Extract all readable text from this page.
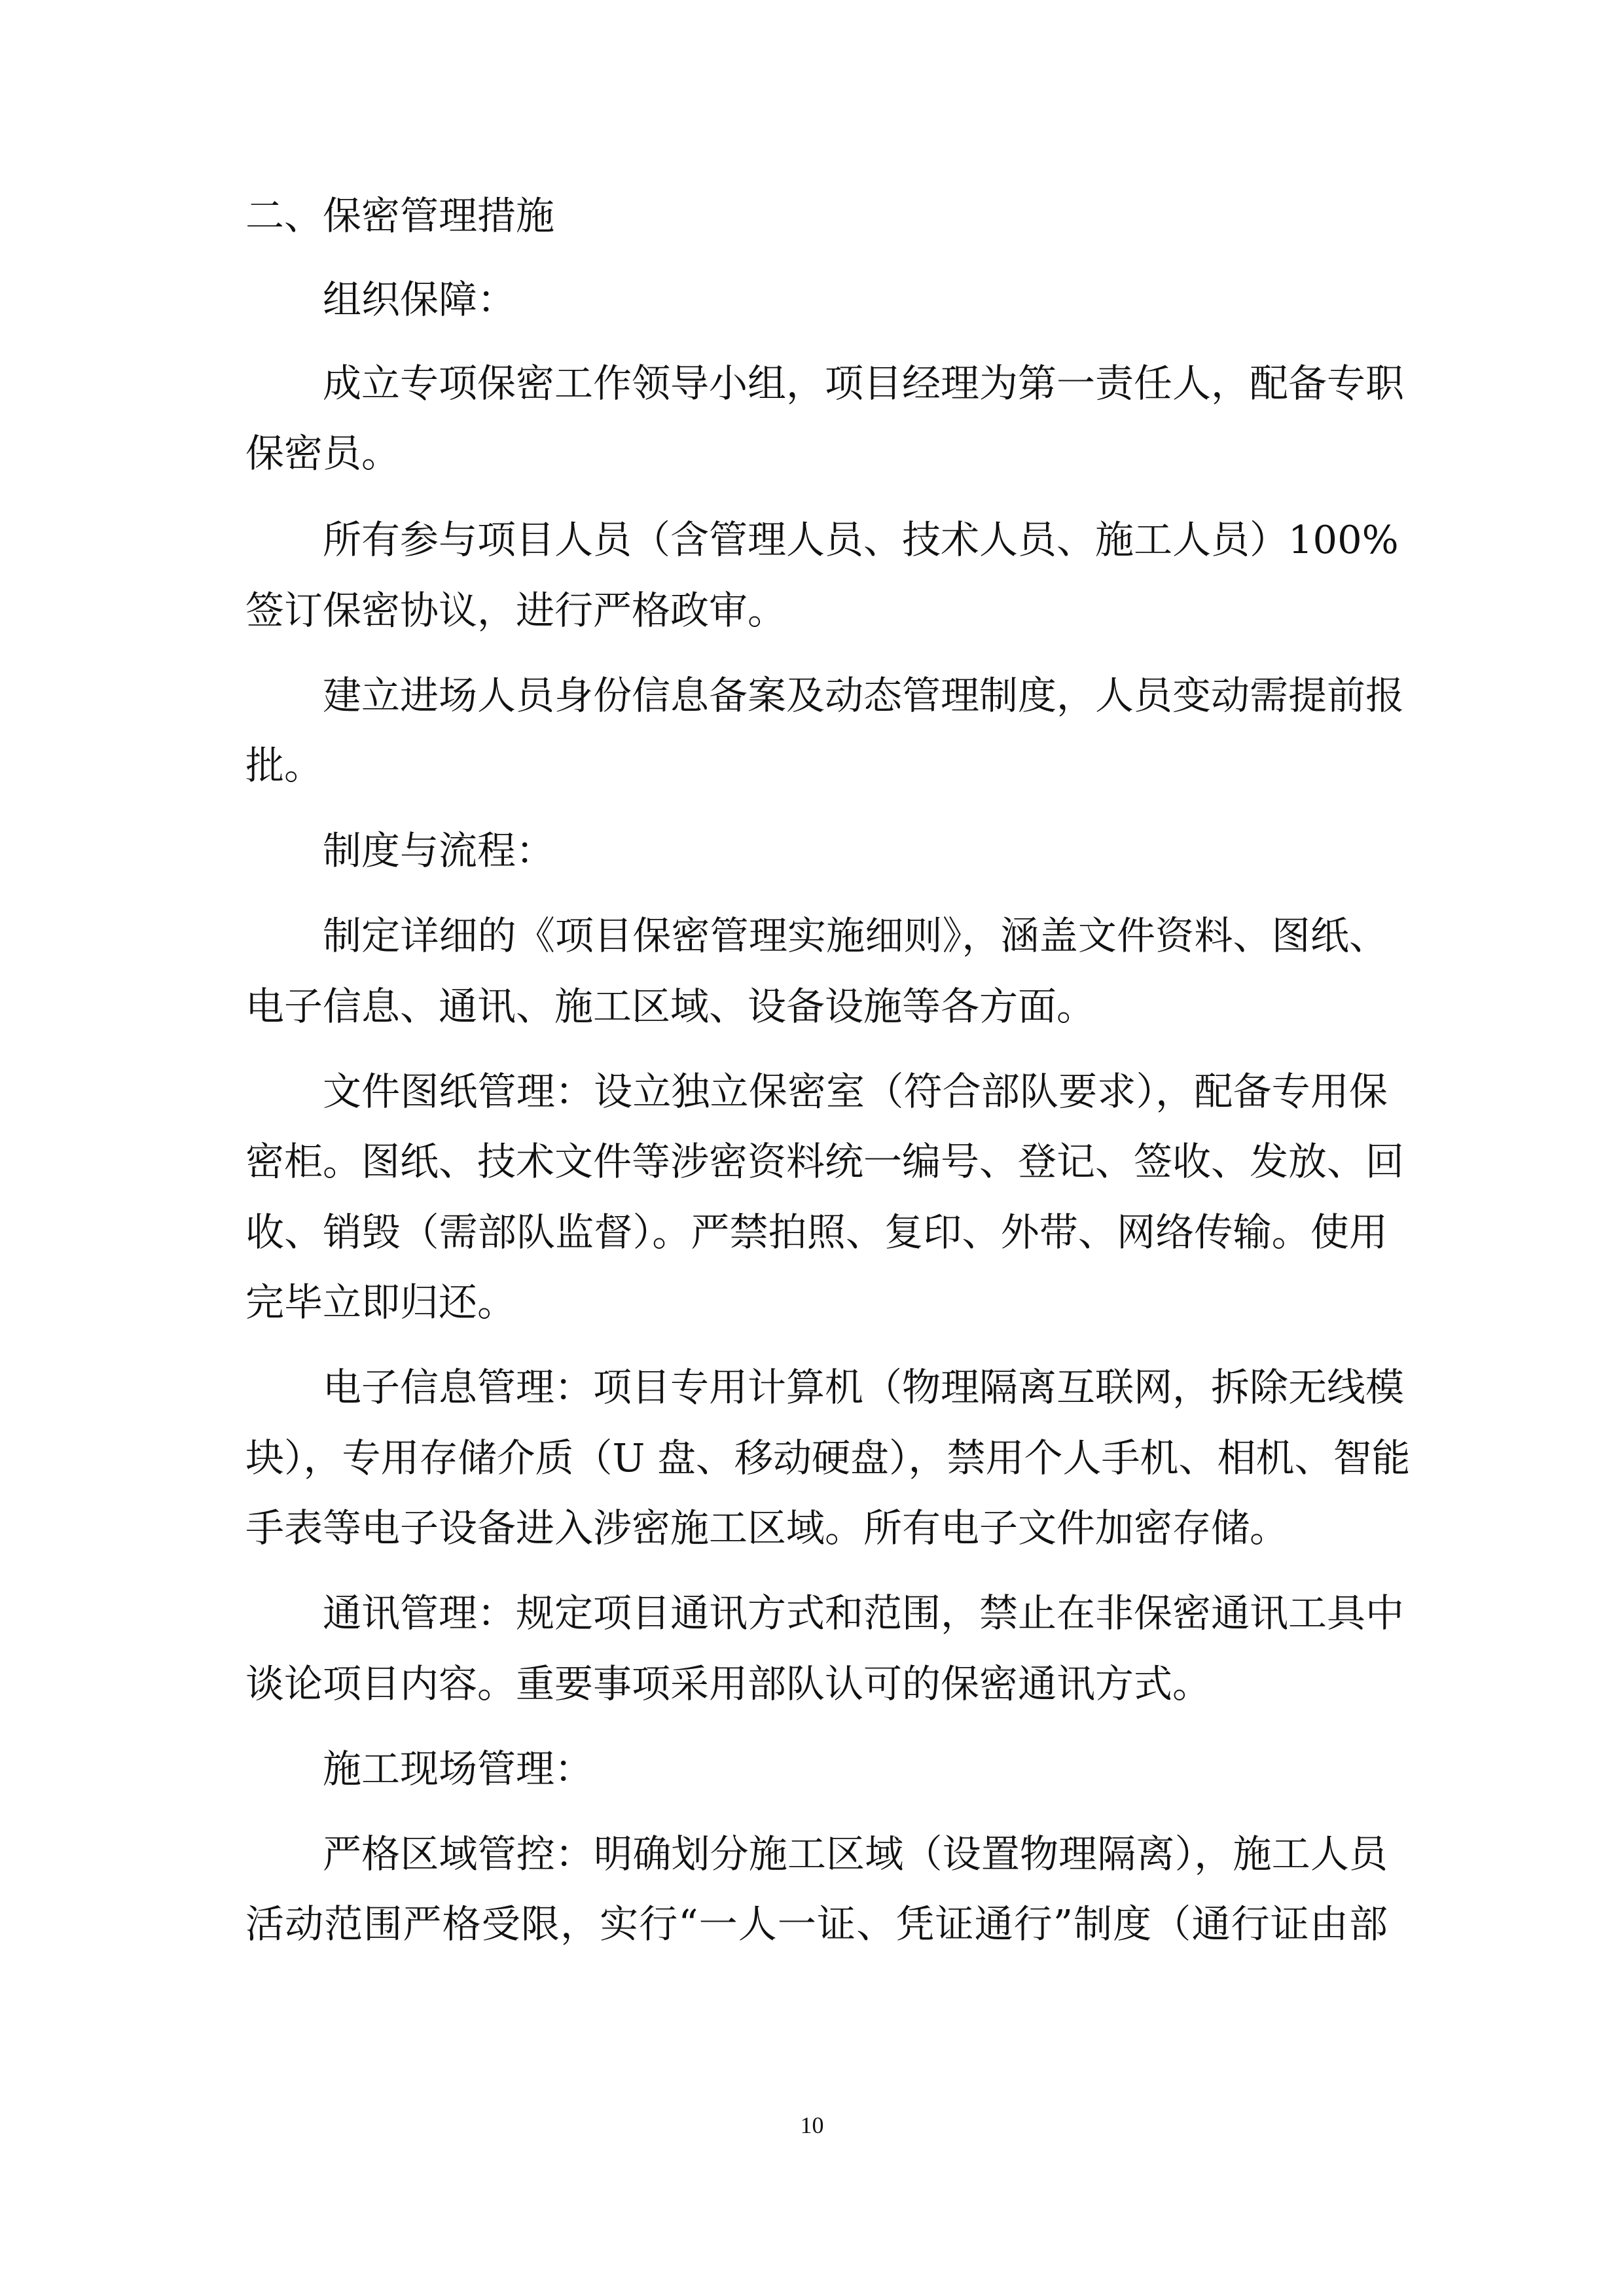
二、保密管理措施
组织保障：
成立专项保密工作领导小组，项目经理为第一责任人，配备专职
保密员。
所有参与项目人员（含管理人员、技术人员、施工人员）100%
签订保密协议，进行严格政审。
建立进场人员身份信息备案及动态管理制度，人员变动需提前报
批。
制度与流程：
制定详细的《项目保密管理实施细则》，涵盖文件资料、图纸、
电子信息、通讯、施工区域、设备设施等各方面。
文件图纸管理：设立独立保密室（符合部队要求），配备专用保
密柜。图纸、技术文件等涉密资料统一编号、登记、签收、发放、回
收、销毁（需部队监督）。严禁拍照、复印、外带、网络传输。使用
完毕立即归还。
电子信息管理：项目专用计算机（物理隔离互联网，拆除无线模
块），专用存储介质（U 盘、移动硬盘），禁用个人手机、相机、智能
手表等电子设备进入涉密施工区域。所有电子文件加密存储。
通讯管理：规定项目通讯方式和范围，禁止在非保密通讯工具中
谈论项目内容。重要事项采用部队认可的保密通讯方式。
施工现场管理：
严格区域管控：明确划分施工区域（设置物理隔离），施工人员
活动范围严格受限，实行“一人一证、凭证通行”制度（通行证由部
10
